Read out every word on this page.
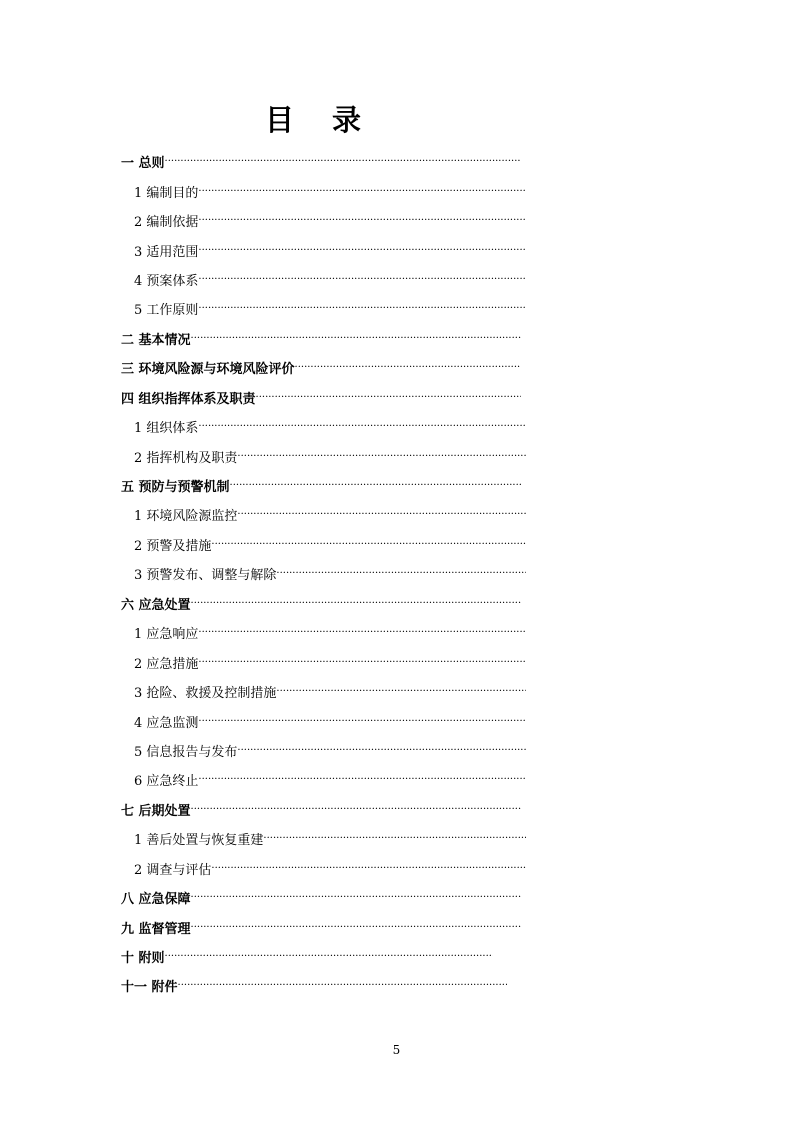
目 录
一 总则
·····
1 编制目的
·····
2 编制依据
·····
3 适用范围
·····
4 预案体系
·····
5 工作原则
·····
二 基本情况
·····
三 环境风险源与环境风险评价
·····
四 组织指挥体系及职责
·····
1 组织体系
·····
2 指挥机构及职责
·····
五 预防与预警机制
·····
1 环境风险源监控
·····
2 预警及措施
·····
3 预警发布、调整与解除
·····
六 应急处置
·····
1 应急响应
·····
2 应急措施
·····
3 抢险、救援及控制措施
·····
4 应急监测
·····
5 信息报告与发布
·····
6 应急终止
·····
七 后期处置
·····
1 善后处置与恢复重建
·····
2 调查与评估
·····
八 应急保障
·····
九 监督管理
·····
十 附则
·····
十一 附件
·····
5
